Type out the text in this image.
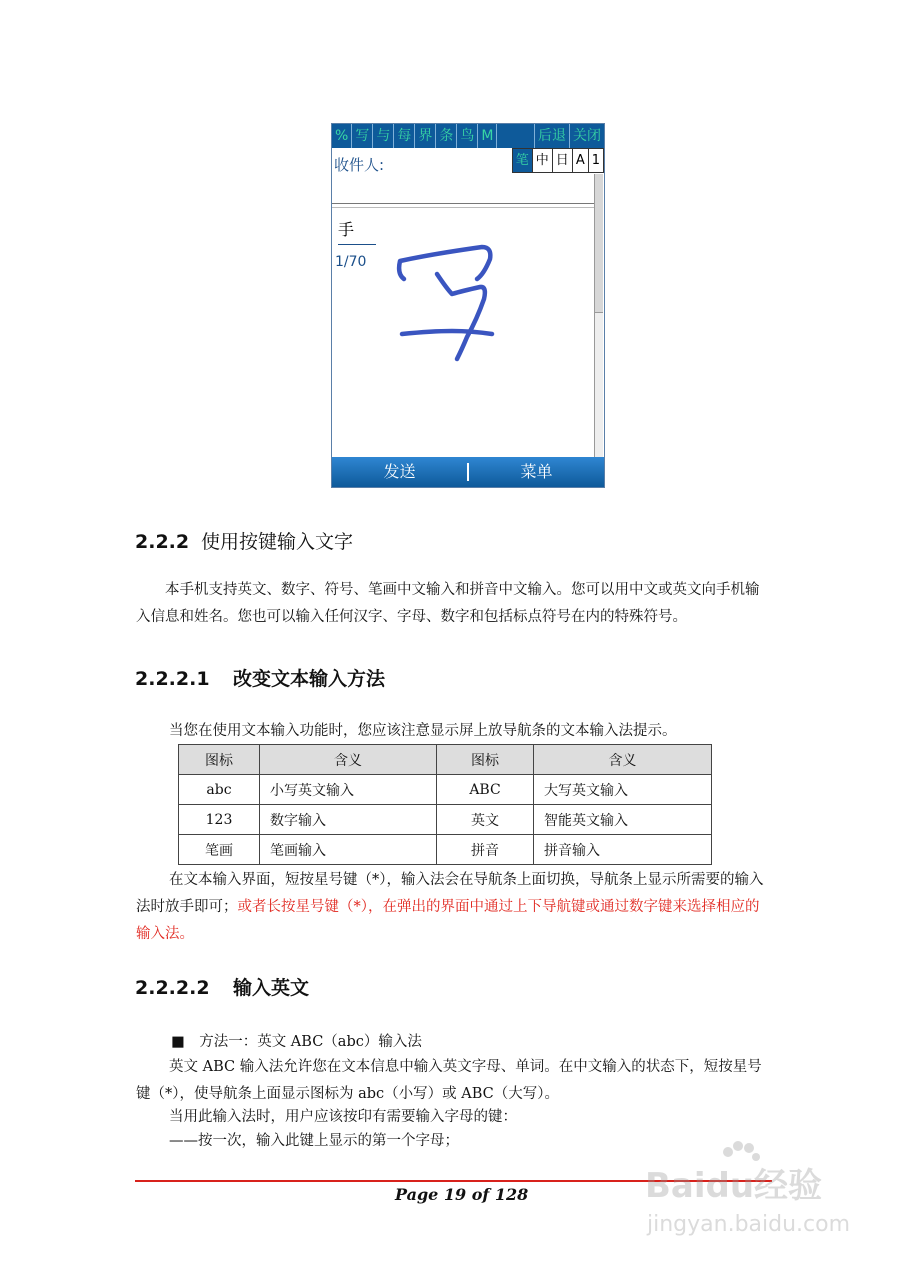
% 写 与 每 界 条 鸟 M	后退 关闭
收件人:	笔 中 日 A 1
手
1/70
发送	菜单
2.2.2 使用按键输入文字
本手机支持英文、数字、符号、笔画中文输入和拼音中文输入。您可以用中文或英文向手机输入信息和姓名。您也可以输入任何汉字、字母、数字和包括标点符号在内的特殊符号。
2.2.2.1 改变文本输入方法
当您在使用文本输入功能时，您应该注意显示屏上放导航条的文本输入法提示。
图标	含义	图标	含义
abc	小写英文输入	ABC	大写英文输入
123	数字输入	英文	智能英文输入
笔画	笔画输入	拼音	拼音输入
在文本输入界面，短按星号键（*），输入法会在导航条上面切换，导航条上显示所需要的输入法时放手即可；或者长按星号键（*），在弹出的界面中通过上下导航键或通过数字键来选择相应的输入法。
2.2.2.2 输入英文
■　方法一：英文 ABC（abc）输入法
英文 ABC 输入法允许您在文本信息中输入英文字母、单词。在中文输入的状态下，短按星号键（*），使导航条上面显示图标为 abc（小写）或 ABC（大写）。
当用此输入法时，用户应该按印有需要输入字母的键：
——按一次，输入此键上显示的第一个字母；
Page 19 of 128	Baidu经验
jingyan.baidu.com
